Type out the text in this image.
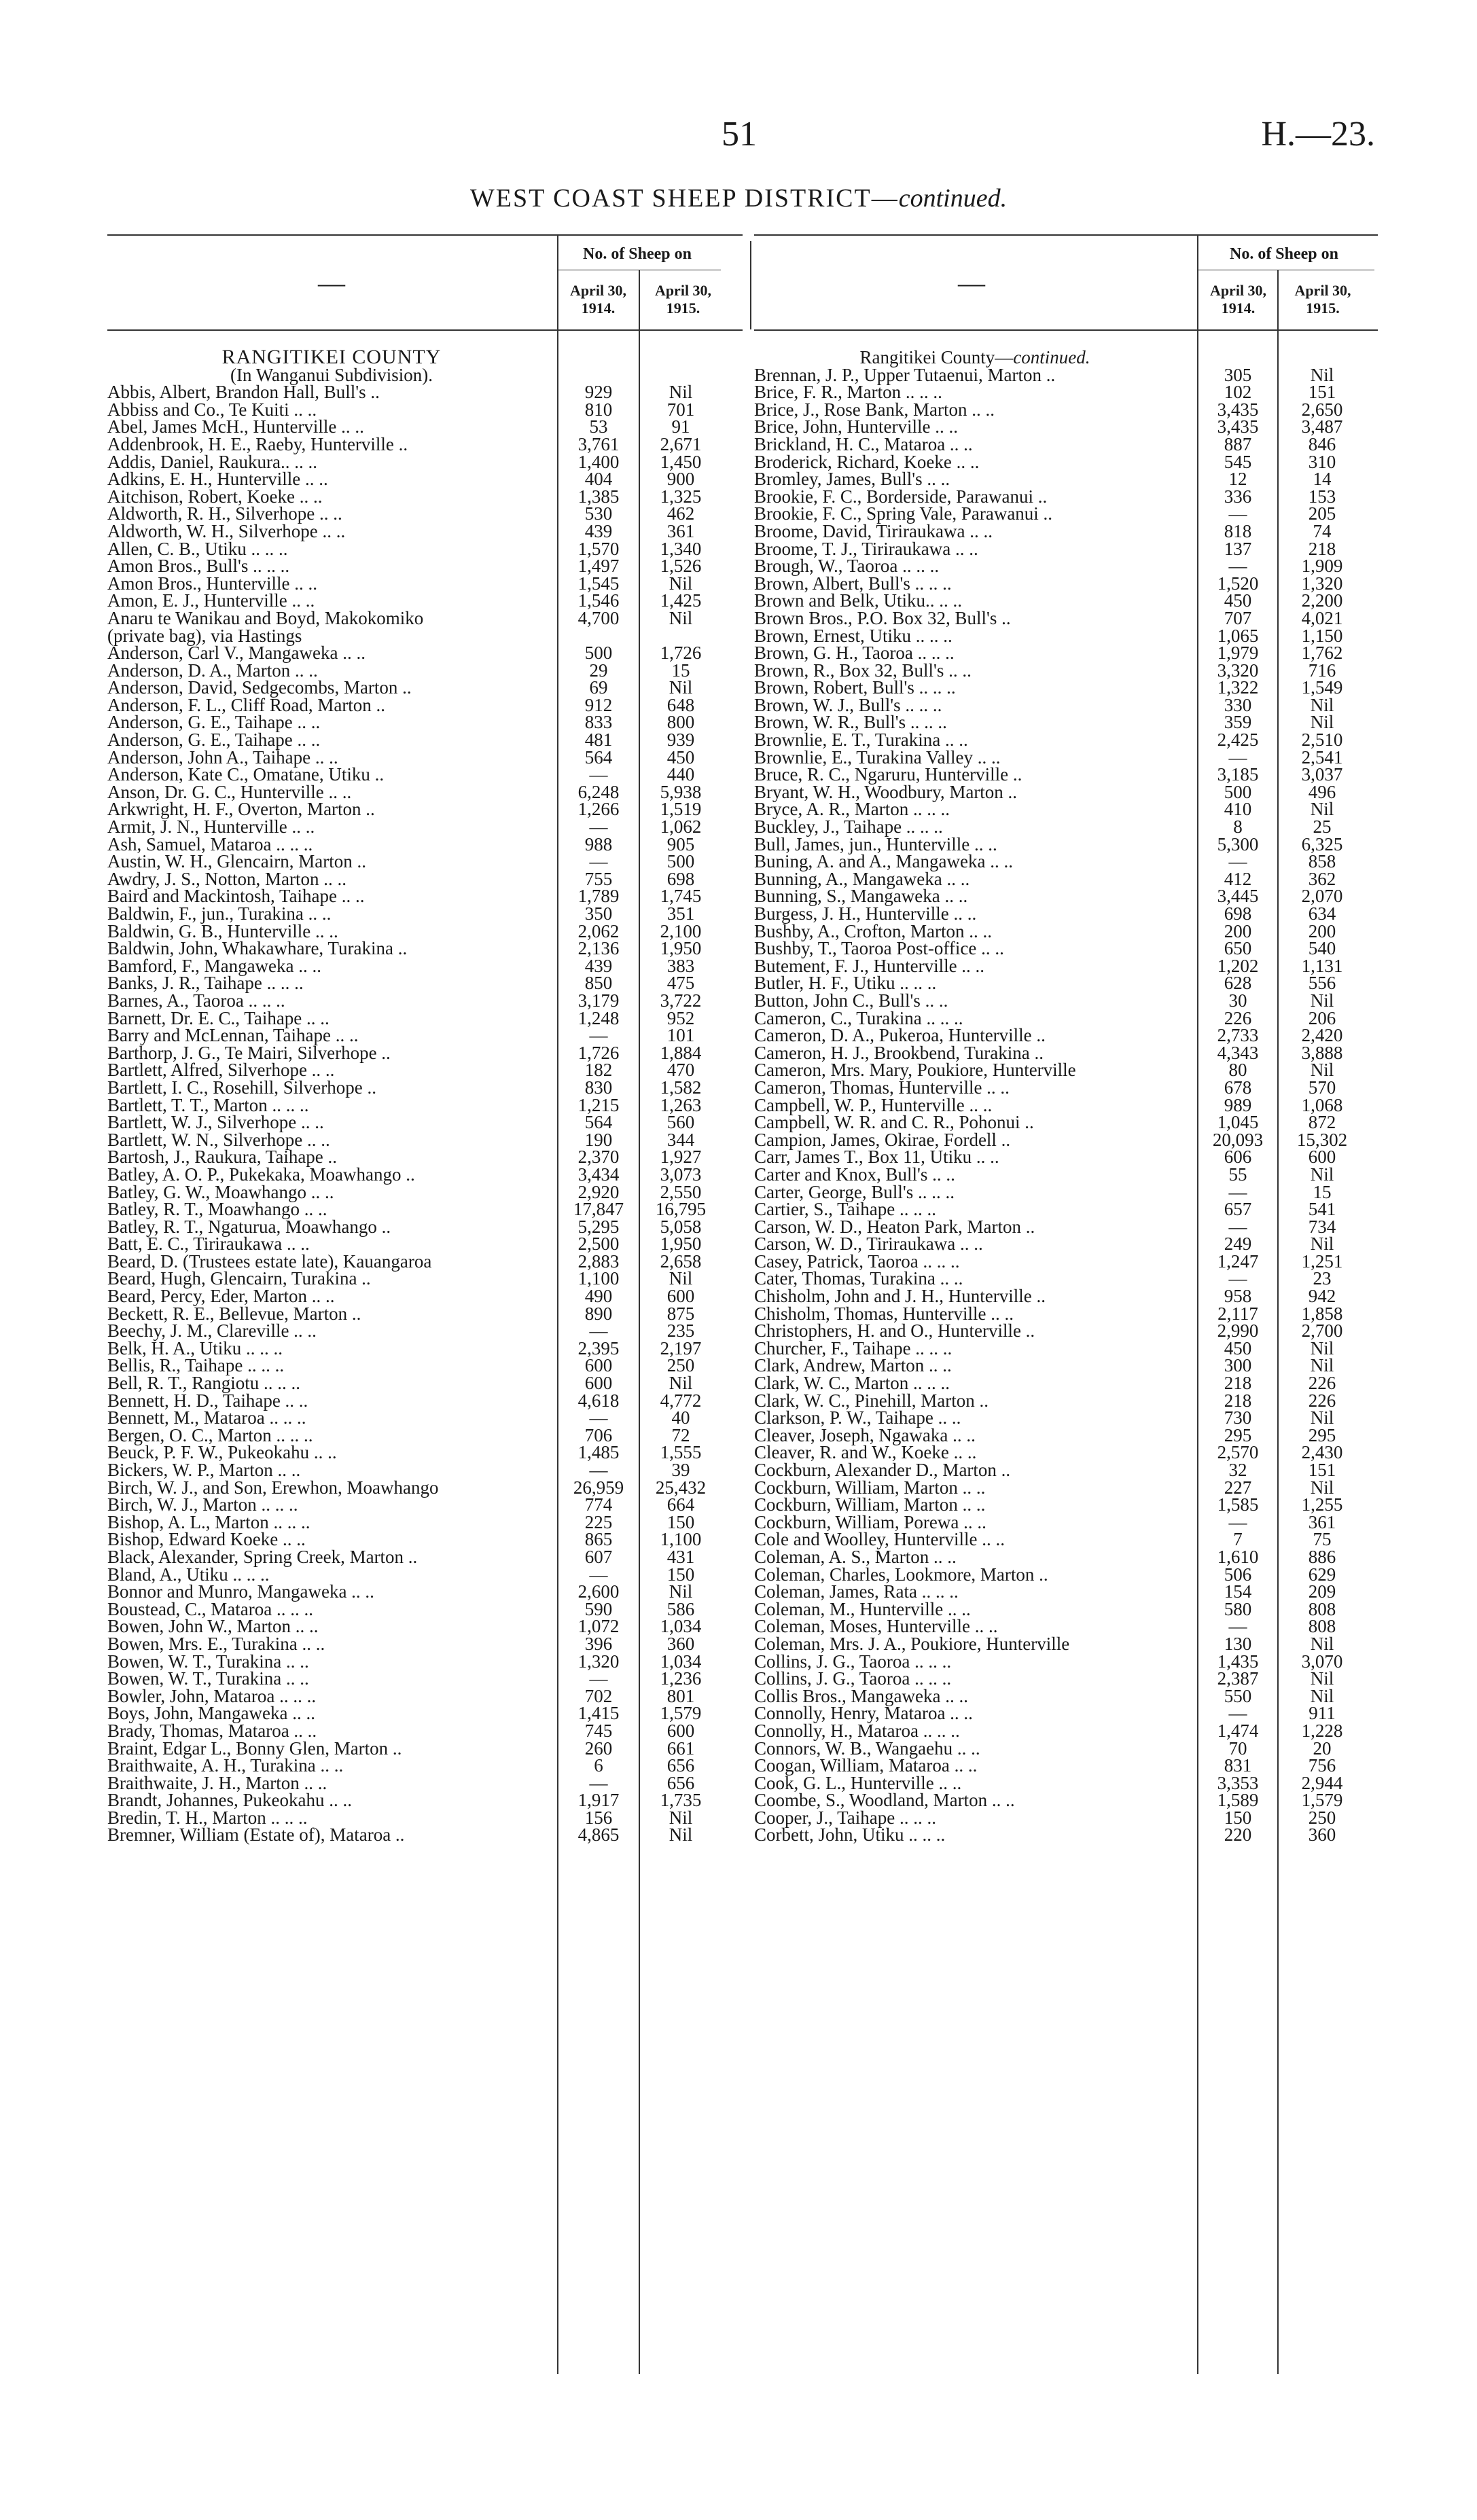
51	H.—23.
WEST COAST SHEEP DISTRICT—continued.
—
No. of Sheep on
April 30,
1914.
April 30,
1915.
RANGITIKEI COUNTY
(In Wanganui Subdivision).
Abbis, Albert, Brandon Hall, Bull's ..	929	Nil
Abbiss and Co., Te Kuiti .. ..	810	701
Abel, James McH., Hunterville .. ..	53	91
Addenbrook, H. E., Raeby, Hunterville ..	3,761	2,671
Addis, Daniel, Raukura.. .. ..	1,400	1,450
Adkins, E. H., Hunterville .. ..	404	900
Aitchison, Robert, Koeke .. ..	1,385	1,325
Aldworth, R. H., Silverhope .. ..	530	462
Aldworth, W. H., Silverhope .. ..	439	361
Allen, C. B., Utiku .. .. ..	1,570	1,340
Amon Bros., Bull's .. .. ..	1,497	1,526
Amon Bros., Hunterville .. ..	1,545	Nil
Amon, E. J., Hunterville .. ..	1,546	1,425
Anaru te Wanikau and Boyd, Makokomiko	4,700	Nil
(private bag), via Hastings
Anderson, Carl V., Mangaweka .. ..	500	1,726
Anderson, D. A., Marton .. ..	29	15
Anderson, David, Sedgecombs, Marton ..	69	Nil
Anderson, F. L., Cliff Road, Marton ..	912	648
Anderson, G. E., Taihape .. ..	833	800
Anderson, G. E., Taihape .. ..	481	939
Anderson, John A., Taihape .. ..	564	450
Anderson, Kate C., Omatane, Utiku ..	—	440
Anson, Dr. G. C., Hunterville .. ..	6,248	5,938
Arkwright, H. F., Overton, Marton ..	1,266	1,519
Armit, J. N., Hunterville .. ..	—	1,062
Ash, Samuel, Mataroa .. .. ..	988	905
Austin, W. H., Glencairn, Marton ..	—	500
Awdry, J. S., Notton, Marton .. ..	755	698
Baird and Mackintosh, Taihape .. ..	1,789	1,745
Baldwin, F., jun., Turakina .. ..	350	351
Baldwin, G. B., Hunterville .. ..	2,062	2,100
Baldwin, John, Whakawhare, Turakina ..	2,136	1,950
Bamford, F., Mangaweka .. ..	439	383
Banks, J. R., Taihape .. .. ..	850	475
Barnes, A., Taoroa .. .. ..	3,179	3,722
Barnett, Dr. E. C., Taihape .. ..	1,248	952
Barry and McLennan, Taihape .. ..	—	101
Barthorp, J. G., Te Mairi, Silverhope ..	1,726	1,884
Bartlett, Alfred, Silverhope .. ..	182	470
Bartlett, I. C., Rosehill, Silverhope ..	830	1,582
Bartlett, T. T., Marton .. .. ..	1,215	1,263
Bartlett, W. J., Silverhope .. ..	564	560
Bartlett, W. N., Silverhope .. ..	190	344
Bartosh, J., Raukura, Taihape ..	2,370	1,927
Batley, A. O. P., Pukekaka, Moawhango ..	3,434	3,073
Batley, G. W., Moawhango .. ..	2,920	2,550
Batley, R. T., Moawhango .. ..	17,847	16,795
Batley, R. T., Ngaturua, Moawhango ..	5,295	5,058
Batt, E. C., Tiriraukawa .. ..	2,500	1,950
Beard, D. (Trustees estate late), Kauangaroa	2,883	2,658
Beard, Hugh, Glencairn, Turakina ..	1,100	Nil
Beard, Percy, Eder, Marton .. ..	490	600
Beckett, R. E., Bellevue, Marton ..	890	875
Beechy, J. M., Clareville .. ..	—	235
Belk, H. A., Utiku .. .. ..	2,395	2,197
Bellis, R., Taihape .. .. ..	600	250
Bell, R. T., Rangiotu .. .. ..	600	Nil
Bennett, H. D., Taihape .. ..	4,618	4,772
Bennett, M., Mataroa .. .. ..	—	40
Bergen, O. C., Marton .. .. ..	706	72
Beuck, P. F. W., Pukeokahu .. ..	1,485	1,555
Bickers, W. P., Marton .. ..	—	39
Birch, W. J., and Son, Erewhon, Moawhango	26,959	25,432
Birch, W. J., Marton .. .. ..	774	664
Bishop, A. L., Marton .. .. ..	225	150
Bishop, Edward Koeke .. ..	865	1,100
Black, Alexander, Spring Creek, Marton ..	607	431
Bland, A., Utiku .. .. ..	—	150
Bonnor and Munro, Mangaweka .. ..	2,600	Nil
Boustead, C., Mataroa .. .. ..	590	586
Bowen, John W., Marton .. ..	1,072	1,034
Bowen, Mrs. E., Turakina .. ..	396	360
Bowen, W. T., Turakina .. ..	1,320	1,034
Bowen, W. T., Turakina .. ..	—	1,236
Bowler, John, Mataroa .. .. ..	702	801
Boys, John, Mangaweka .. ..	1,415	1,579
Brady, Thomas, Mataroa .. ..	745	600
Braint, Edgar L., Bonny Glen, Marton ..	260	661
Braithwaite, A. H., Turakina .. ..	6	656
Braithwaite, J. H., Marton .. ..	—	656
Brandt, Johannes, Pukeokahu .. ..	1,917	1,735
Bredin, T. H., Marton .. .. ..	156	Nil
Bremner, William (Estate of), Mataroa ..	4,865	Nil
—
No. of Sheep on
April 30,
1914.
April 30,
1915.
Rangitikei County—continued.
Brennan, J. P., Upper Tutaenui, Marton ..	305	Nil
Brice, F. R., Marton .. .. ..	102	151
Brice, J., Rose Bank, Marton .. ..	3,435	2,650
Brice, John, Hunterville .. ..	3,435	3,487
Brickland, H. C., Mataroa .. ..	887	846
Broderick, Richard, Koeke .. ..	545	310
Bromley, James, Bull's .. ..	12	14
Brookie, F. C., Borderside, Parawanui ..	336	153
Brookie, F. C., Spring Vale, Parawanui ..	—	205
Broome, David, Tiriraukawa .. ..	818	74
Broome, T. J., Tiriraukawa .. ..	137	218
Brough, W., Taoroa .. .. ..	—	1,909
Brown, Albert, Bull's .. .. ..	1,520	1,320
Brown and Belk, Utiku.. .. ..	450	2,200
Brown Bros., P.O. Box 32, Bull's ..	707	4,021
Brown, Ernest, Utiku .. .. ..	1,065	1,150
Brown, G. H., Taoroa .. .. ..	1,979	1,762
Brown, R., Box 32, Bull's .. ..	3,320	716
Brown, Robert, Bull's .. .. ..	1,322	1,549
Brown, W. J., Bull's .. .. ..	330	Nil
Brown, W. R., Bull's .. .. ..	359	Nil
Brownlie, E. T., Turakina .. ..	2,425	2,510
Brownlie, E., Turakina Valley .. ..	—	2,541
Bruce, R. C., Ngaruru, Hunterville ..	3,185	3,037
Bryant, W. H., Woodbury, Marton ..	500	496
Bryce, A. R., Marton .. .. ..	410	Nil
Buckley, J., Taihape .. .. ..	8	25
Bull, James, jun., Hunterville .. ..	5,300	6,325
Buning, A. and A., Mangaweka .. ..	—	858
Bunning, A., Mangaweka .. ..	412	362
Bunning, S., Mangaweka .. ..	3,445	2,070
Burgess, J. H., Hunterville .. ..	698	634
Bushby, A., Crofton, Marton .. ..	200	200
Bushby, T., Taoroa Post-office .. ..	650	540
Butement, F. J., Hunterville .. ..	1,202	1,131
Butler, H. F., Utiku .. .. ..	628	556
Button, John C., Bull's .. ..	30	Nil
Cameron, C., Turakina .. .. ..	226	206
Cameron, D. A., Pukeroa, Hunterville ..	2,733	2,420
Cameron, H. J., Brookbend, Turakina ..	4,343	3,888
Cameron, Mrs. Mary, Poukiore, Hunterville	80	Nil
Cameron, Thomas, Hunterville .. ..	678	570
Campbell, W. P., Hunterville .. ..	989	1,068
Campbell, W. R. and C. R., Pohonui ..	1,045	872
Campion, James, Okirae, Fordell ..	20,093	15,302
Carr, James T., Box 11, Utiku .. ..	606	600
Carter and Knox, Bull's .. ..	55	Nil
Carter, George, Bull's .. .. ..	—	15
Cartier, S., Taihape .. .. ..	657	541
Carson, W. D., Heaton Park, Marton ..	—	734
Carson, W. D., Tiriraukawa .. ..	249	Nil
Casey, Patrick, Taoroa .. .. ..	1,247	1,251
Cater, Thomas, Turakina .. ..	—	23
Chisholm, John and J. H., Hunterville ..	958	942
Chisholm, Thomas, Hunterville .. ..	2,117	1,858
Christophers, H. and O., Hunterville ..	2,990	2,700
Churcher, F., Taihape .. .. ..	450	Nil
Clark, Andrew, Marton .. ..	300	Nil
Clark, W. C., Marton .. .. ..	218	226
Clark, W. C., Pinehill, Marton ..	218	226
Clarkson, P. W., Taihape .. ..	730	Nil
Cleaver, Joseph, Ngawaka .. ..	295	295
Cleaver, R. and W., Koeke .. ..	2,570	2,430
Cockburn, Alexander D., Marton ..	32	151
Cockburn, William, Marton .. ..	227	Nil
Cockburn, William, Marton .. ..	1,585	1,255
Cockburn, William, Porewa .. ..	—	361
Cole and Woolley, Hunterville .. ..	7	75
Coleman, A. S., Marton .. ..	1,610	886
Coleman, Charles, Lookmore, Marton ..	506	629
Coleman, James, Rata .. .. ..	154	209
Coleman, M., Hunterville .. ..	580	808
Coleman, Moses, Hunterville .. ..	—	808
Coleman, Mrs. J. A., Poukiore, Hunterville	130	Nil
Collins, J. G., Taoroa .. .. ..	1,435	3,070
Collins, J. G., Taoroa .. .. ..	2,387	Nil
Collis Bros., Mangaweka .. ..	550	Nil
Connolly, Henry, Mataroa .. ..	—	911
Connolly, H., Mataroa .. .. ..	1,474	1,228
Connors, W. B., Wangaehu .. ..	70	20
Coogan, William, Mataroa .. ..	831	756
Cook, G. L., Hunterville .. ..	3,353	2,944
Coombe, S., Woodland, Marton .. ..	1,589	1,579
Cooper, J., Taihape .. .. ..	150	250
Corbett, John, Utiku .. .. ..	220	360
